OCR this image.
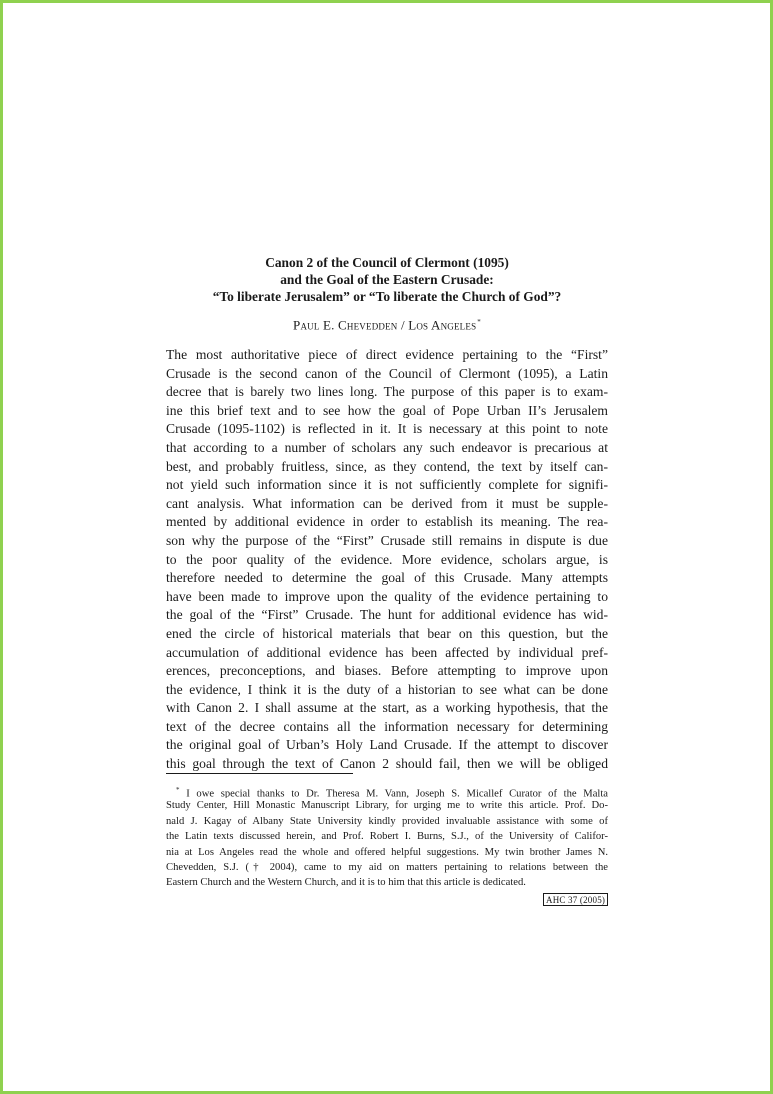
Canon 2 of the Council of Clermont (1095)
and the Goal of the Eastern Crusade:
“To liberate Jerusalem” or “To liberate the Church of God”?
Paul E. Chevedden / Los Angeles*
The most authoritative piece of direct evidence pertaining to the “First”
Crusade is the second canon of the Council of Clermont (1095), a Latin
decree that is barely two lines long. The purpose of this paper is to exam-
ine this brief text and to see how the goal of Pope Urban II’s Jerusalem
Crusade (1095-1102) is reflected in it. It is necessary at this point to note
that according to a number of scholars any such endeavor is precarious at
best, and probably fruitless, since, as they contend, the text by itself can-
not yield such information since it is not sufficiently complete for signifi-
cant analysis. What information can be derived from it must be supple-
mented by additional evidence in order to establish its meaning. The rea-
son why the purpose of the “First” Crusade still remains in dispute is due
to the poor quality of the evidence. More evidence, scholars argue, is
therefore needed to determine the goal of this Crusade. Many attempts
have been made to improve upon the quality of the evidence pertaining to
the goal of the “First” Crusade. The hunt for additional evidence has wid-
ened the circle of historical materials that bear on this question, but the
accumulation of additional evidence has been affected by individual pref-
erences, preconceptions, and biases. Before attempting to improve upon
the evidence, I think it is the duty of a historian to see what can be done
with Canon 2. I shall assume at the start, as a working hypothesis, that the
text of the decree contains all the information necessary for determining
the original goal of Urban’s Holy Land Crusade. If the attempt to discover
this goal through the text of Canon 2 should fail, then we will be obliged
* I owe special thanks to Dr. Theresa M. Vann, Joseph S. Micallef Curator of the Malta
Study Center, Hill Monastic Manuscript Library, for urging me to write this article. Prof. Do-
nald J. Kagay of Albany State University kindly provided invaluable assistance with some of
the Latin texts discussed herein, and Prof. Robert I. Burns, S.J., of the University of Califor-
nia at Los Angeles read the whole and offered helpful suggestions. My twin brother James N.
Chevedden, S.J. († 2004), came to my aid on matters pertaining to relations between the
Eastern Church and the Western Church, and it is to him that this article is dedicated.
AHC 37 (2005)
